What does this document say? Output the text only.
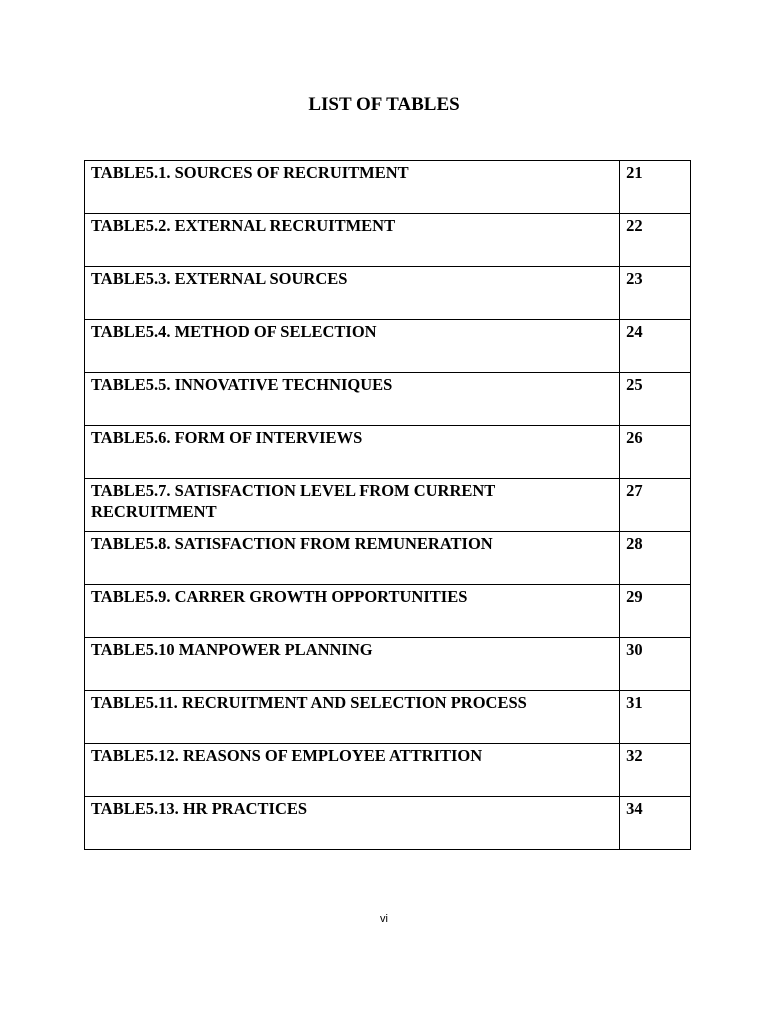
LIST OF TABLES
TABLE5.1. SOURCES OF RECRUITMENT	21
TABLE5.2. EXTERNAL RECRUITMENT	22
TABLE5.3. EXTERNAL SOURCES	23
TABLE5.4. METHOD OF SELECTION	24
TABLE5.5. INNOVATIVE TECHNIQUES	25
TABLE5.6. FORM OF INTERVIEWS	26
TABLE5.7. SATISFACTION LEVEL FROM CURRENT RECRUITMENT	27
TABLE5.8. SATISFACTION FROM REMUNERATION	28
TABLE5.9. CARRER GROWTH OPPORTUNITIES	29
TABLE5.10 MANPOWER PLANNING	30
TABLE5.11. RECRUITMENT AND SELECTION PROCESS	31
TABLE5.12. REASONS OF EMPLOYEE ATTRITION	32
TABLE5.13. HR PRACTICES	34
vi
